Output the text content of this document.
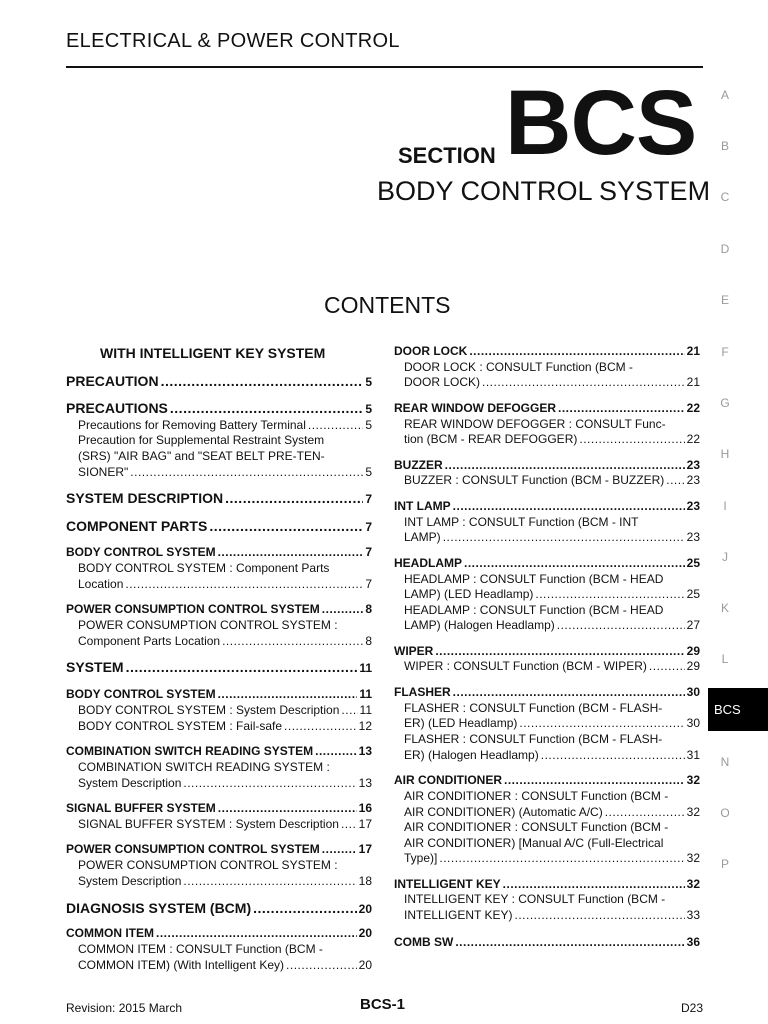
ELECTRICAL & POWER CONTROL
SECTION BCS
BODY CONTROL SYSTEM
CONTENTS
A
B
C
D
E
F
G
H
I
J
K
L
BCS
N
O
P
WITH INTELLIGENT KEY SYSTEM
PRECAUTION .....	5
PRECAUTIONS .....	5
Precautions for Removing Battery Terminal .....	5
Precaution for Supplemental Restraint System
(SRS) "AIR BAG" and "SEAT BELT PRE-TEN-
SIONER" .....	5
SYSTEM DESCRIPTION .....	7
COMPONENT PARTS .....	7
BODY CONTROL SYSTEM .....	7
BODY CONTROL SYSTEM : Component Parts
Location .....	7
POWER CONSUMPTION CONTROL SYSTEM .....	8
POWER CONSUMPTION CONTROL SYSTEM :
Component Parts Location .....	8
SYSTEM .....	11
BODY CONTROL SYSTEM .....	11
BODY CONTROL SYSTEM : System Description ..... 11
BODY CONTROL SYSTEM : Fail-safe .....	12
COMBINATION SWITCH READING SYSTEM .....	13
COMBINATION SWITCH READING SYSTEM :
System Description .....	13
SIGNAL BUFFER SYSTEM .....	16
SIGNAL BUFFER SYSTEM : System Description ..... 17
POWER CONSUMPTION CONTROL SYSTEM .....	17
POWER CONSUMPTION CONTROL SYSTEM :
System Description .....	18
DIAGNOSIS SYSTEM (BCM) .....	20
COMMON ITEM .....	20
COMMON ITEM : CONSULT Function (BCM -
COMMON ITEM) (With Intelligent Key) .....	20
DOOR LOCK .....	21
DOOR LOCK : CONSULT Function (BCM -
DOOR LOCK) .....	21
REAR WINDOW DEFOGGER .....	22
REAR WINDOW DEFOGGER : CONSULT Func-
tion (BCM - REAR DEFOGGER) .....	22
BUZZER .....	23
BUZZER : CONSULT Function (BCM - BUZZER) ..... 23
INT LAMP .....	23
INT LAMP : CONSULT Function (BCM - INT
LAMP) .....	23
HEADLAMP .....	25
HEADLAMP : CONSULT Function (BCM - HEAD
LAMP) (LED Headlamp) .....	25
HEADLAMP : CONSULT Function (BCM - HEAD
LAMP) (Halogen Headlamp) .....	27
WIPER .....	29
WIPER : CONSULT Function (BCM - WIPER) .....	29
FLASHER .....	30
FLASHER : CONSULT Function (BCM - FLASH-
ER) (LED Headlamp) .....	30
FLASHER : CONSULT Function (BCM - FLASH-
ER) (Halogen Headlamp) .....	31
AIR CONDITIONER .....	32
AIR CONDITIONER : CONSULT Function (BCM -
AIR CONDITIONER) (Automatic A/C) .....	32
AIR CONDITIONER : CONSULT Function (BCM -
AIR CONDITIONER) [Manual A/C (Full-Electrical
Type)] .....	32
INTELLIGENT KEY .....	32
INTELLIGENT KEY : CONSULT Function (BCM -
INTELLIGENT KEY) .....	33
COMB SW .....	36
Revision: 2015 March	BCS-1	D23
